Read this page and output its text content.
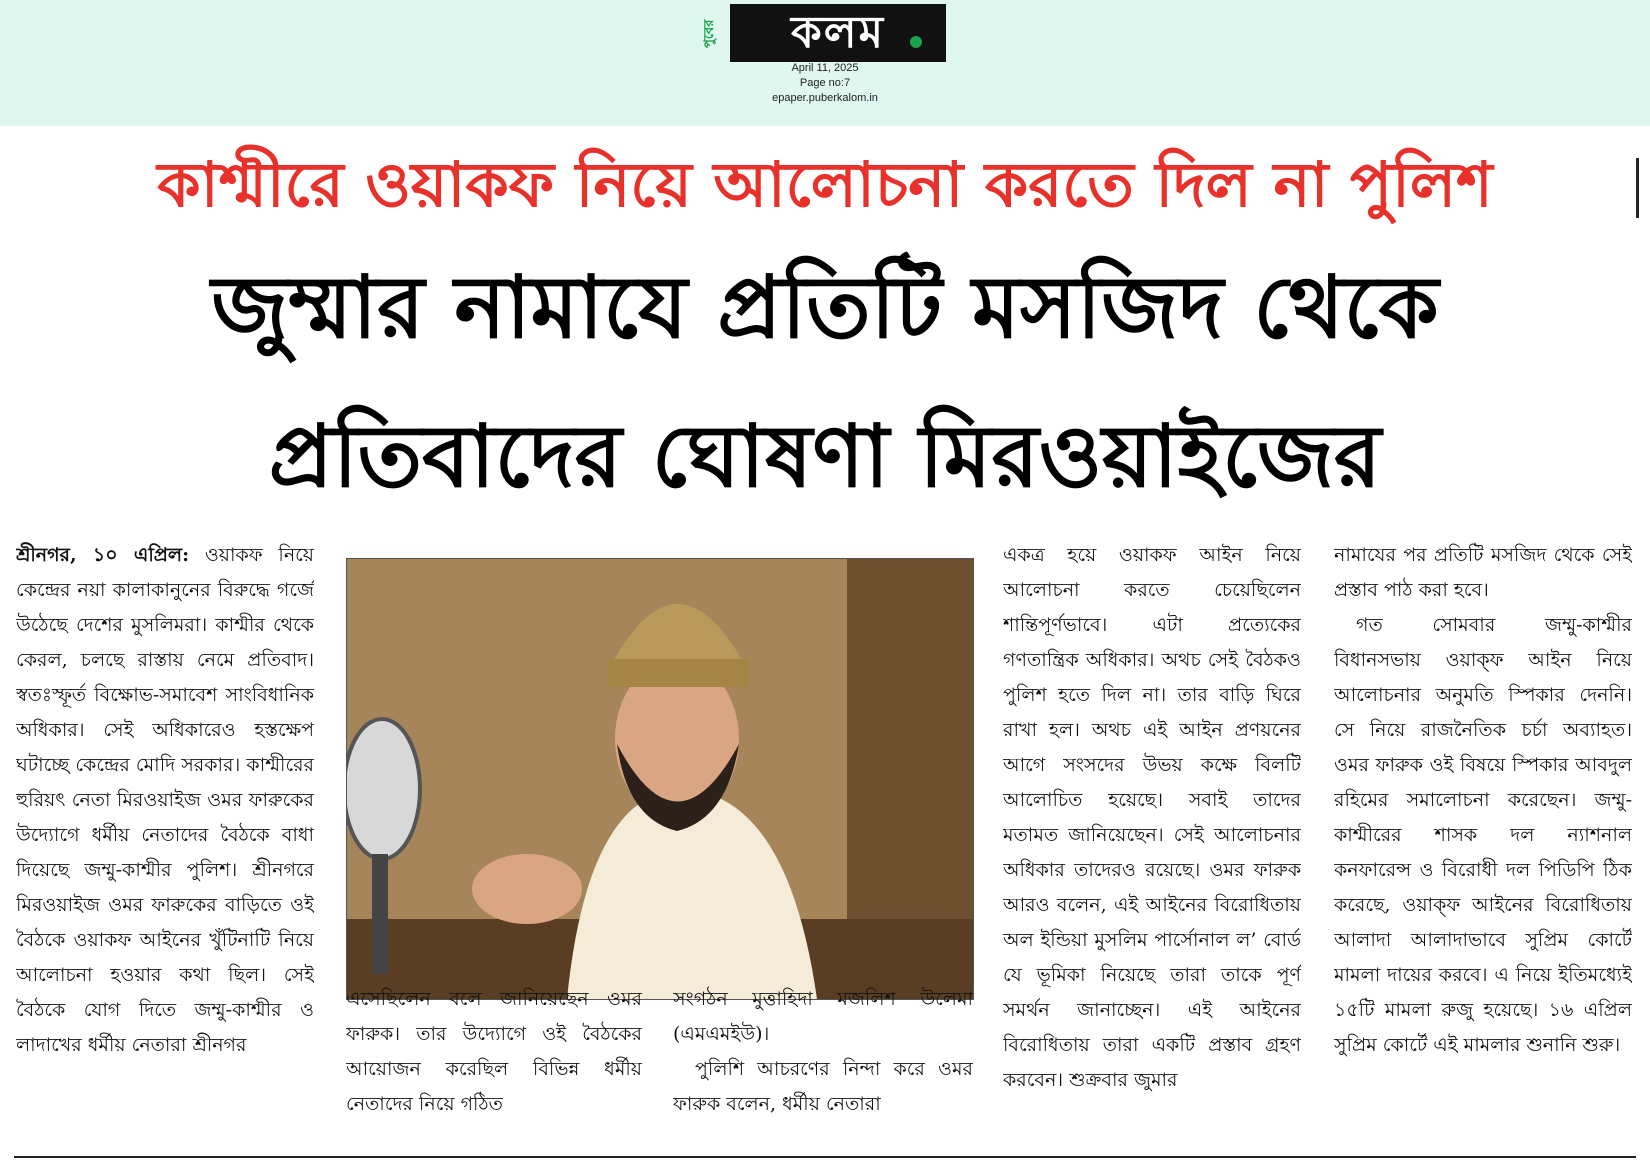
পুবের	কলম
April 11, 2025
Page no:7
epaper.puberkalom.in
কাশ্মীরে ওয়াকফ নিয়ে আলোচনা করতে দিল না পুলিশ
জুম্মার নামাযে প্রতিটি মসজিদ থেকে
প্রতিবাদের ঘোষণা মিরওয়াইজের

শ্রীনগর, ১০ এপ্রিল: ওয়াকফ নিয়ে কেন্দ্রের নয়া কালাকানুনের বিরুদ্ধে গর্জে উঠেছে দেশের মুসলিমরা। কাশ্মীর থেকে কেরল, চলছে রাস্তায় নেমে প্রতিবাদ। স্বতঃস্ফূর্ত বিক্ষোভ-সমাবেশ সাংবিধানিক অধিকার। সেই অধিকারেও হস্তক্ষেপ ঘটাচ্ছে কেন্দ্রের মোদি সরকার। কাশ্মীরের হুরিয়ৎ নেতা মিরওয়াইজ ওমর ফারুকের উদ্যোগে ধর্মীয় নেতাদের বৈঠকে বাধা দিয়েছে জম্মু-কাশ্মীর পুলিশ। শ্রীনগরে মিরওয়াইজ ওমর ফারুকের বাড়িতে ওই বৈঠকে ওয়াকফ আইনের খুঁটিনাটি নিয়ে আলোচনা হওয়ার কথা ছিল। সেই বৈঠকে যোগ দিতে জম্মু-কাশ্মীর ও লাদাখের ধর্মীয় নেতারা শ্রীনগর

এসেছিলেন বলে জানিয়েছেন ওমর ফারুক। তার উদ্যোগে ওই বৈঠকের আয়োজন করেছিল বিভিন্ন ধর্মীয় নেতাদের নিয়ে গঠিত

সংগঠন মুত্তাহিদা মজলিশ উলেমা (এমএমইউ)।

পুলিশি আচরণের নিন্দা করে ওমর ফারুক বলেন, ধর্মীয় নেতারা

একত্র হয়ে ওয়াকফ আইন নিয়ে আলোচনা করতে চেয়েছিলেন শান্তিপূর্ণভাবে। এটা প্রত্যেকের গণতান্ত্রিক অধিকার। অথচ সেই বৈঠকও পুলিশ হতে দিল না। তার বাড়ি ঘিরে রাখা হল। অথচ এই আইন প্রণয়নের আগে সংসদের উভয় কক্ষে বিলটি আলোচিত হয়েছে। সবাই তাদের মতামত জানিয়েছেন। সেই আলোচনার অধিকার তাদেরও রয়েছে। ওমর ফারুক আরও বলেন, এই আইনের বিরোধিতায় অল ইন্ডিয়া মুসলিম পার্সোনাল ল’ বোর্ড যে ভূমিকা নিয়েছে তারা তাকে পূর্ণ সমর্থন জানাচ্ছেন। এই আইনের বিরোধিতায় তারা একটি প্রস্তাব গ্রহণ করবেন। শুক্রবার জুমার

নামাযের পর প্রতিটি মসজিদ থেকে সেই প্রস্তাব পাঠ করা হবে।

গত সোমবার জম্মু-কাশ্মীর বিধানসভায় ওয়াক্ফ আইন নিয়ে আলোচনার অনুমতি স্পিকার দেননি। সে নিয়ে রাজনৈতিক চর্চা অব্যাহত। ওমর ফারুক ওই বিষয়ে স্পিকার আবদুল রহিমের সমালোচনা করেছেন। জম্মু-কাশ্মীরের শাসক দল ন্যাশনাল কনফারেন্স ও বিরোধী দল পিডিপি ঠিক করেছে, ওয়াক্ফ আইনের বিরোধিতায় আলাদা আলাদাভাবে সুপ্রিম কোর্টে মামলা দায়ের করবে। এ নিয়ে ইতিমধ্যেই ১৫টি মামলা রুজু হয়েছে। ১৬ এপ্রিল সুপ্রিম কোর্টে এই মামলার শুনানি শুরু।
